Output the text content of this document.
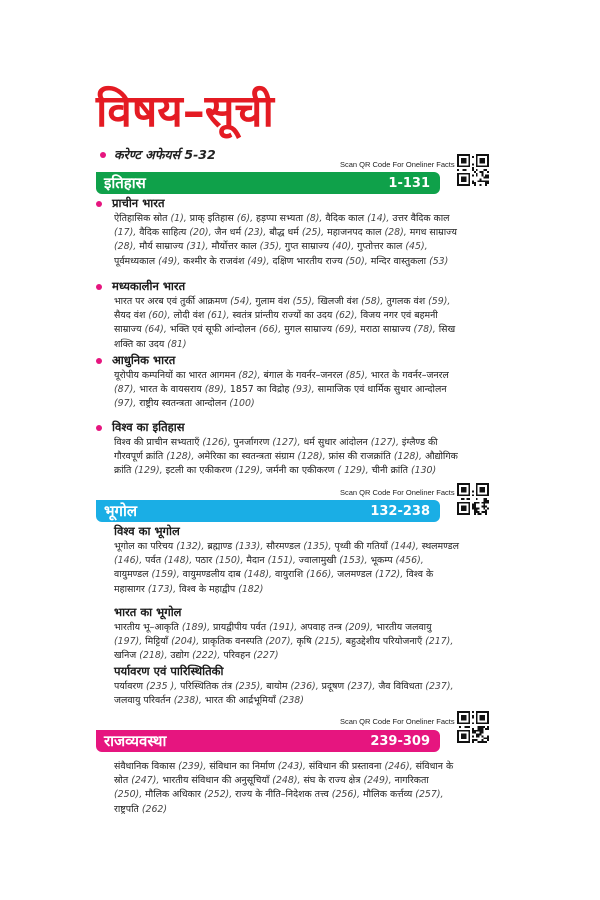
विषय–सूची
करेण्ट अफेयर्स 5-32
Scan QR Code For Oneliner Facts
इतिहास	1-131
प्राचीन भारत
ऐतिहासिक स्रोत (1), प्राक् इतिहास (6), हड़प्पा सभ्यता (8), वैदिक काल (14), उत्तर वैदिक काल (17), वैदिक साहित्य (20), जैन धर्म (23), बौद्ध धर्म (25), महाजनपद काल (28), मगध साम्राज्य (28), मौर्य साम्राज्य (31), मौर्योत्तर काल (35), गुप्त साम्राज्य (40), गुप्तोत्तर काल (45), पूर्वमध्यकाल (49), कश्मीर के राजवंश (49), दक्षिण भारतीय राज्य (50), मन्दिर वास्तुकला (53)
मध्यकालीन भारत
भारत पर अरब एवं तुर्की आक्रमण (54), गुलाम वंश (55), खिलजी वंश (58), तुगलक वंश (59), सैयद वंश (60), लोदी वंश (61), स्वतंत्र प्रांन्तीय राज्यों का उदय (62), विजय नगर एवं बहमनी साम्राज्य (64), भक्ति एवं सूफी आंन्दोलन (66), मुगल साम्राज्य (69), मराठा साम्राज्य (78), सिख शक्ति का उदय (81)
आधुनिक भारत
यूरोपीय कम्पनियों का भारत आगमन (82), बंगाल के गवर्नर–जनरल (85), भारत के गवर्नर–जनरल (87), भारत के वायसराय (89), 1857 का विद्रोह (93), सामाजिक एवं धार्मिक सुधार आन्दोलन (97), राष्ट्रीय स्वतन्त्रता आन्दोलन (100)
विश्व का इतिहास
विश्व की प्राचीन सभ्यताएँ (126), पुनर्जागरण (127), धर्म सुधार आंदोलन (127), इंग्लैण्ड की गौरवपूर्ण क्रांति (128), अमेरिका का स्वतन्त्रता संग्राम (128), फ्रांस की राजक्रांति (128), औद्योगिक क्रांति (129), इटली का एकीकरण (129), जर्मनी का एकीकरण ( 129), चीनी क्रांति (130)
Scan QR Code For Oneliner Facts
भूगोल	132-238
विश्व का भूगोल
भूगोल का परिचय (132), ब्रह्माण्ड (133), सौरमण्डल (135), पृथ्वी की गतियाँ (144), स्थलमण्डल (146), पर्वत (148), पठार (150), मैदान (151), ज्वालामुखी (153), भूकम्प (456), वायुमण्डल (159), वायुमण्डलीय दाब (148), वायुराशि (166), जलमण्डल (172), विश्व के महासागर (173), विश्व के महाद्वीप (182)
भारत का भूगोल
भारतीय भू–आकृति (189), प्रायद्वीपीय पर्वत (191), अपवाह तन्त्र (209), भारतीय जलवायु (197), मिट्टियाँ (204), प्राकृतिक वनस्पति (207), कृषि (215), बहुउद्देशीय परियोजनाएँ (217), खनिज (218), उद्योग (222), परिवहन (227)
पर्यावरण एवं पारिस्थितिकी
पर्यावरण (235 ), परिस्थितिक तंत्र (235), बायोम (236), प्रदूषण (237), जैव विविधता (237), जलवायु परिवर्तन (238), भारत की आर्द्रभूमियाँ (238)
Scan QR Code For Oneliner Facts
राजव्यवस्था	239-309
संवैधानिक विकास (239), संविधान का निर्माण (243), संविधान की प्रस्तावना (246), संविधान के स्रोत (247), भारतीय संविधान की अनुसूचियाँ (248), संघ के राज्य क्षेत्र (249), नागरिकता (250), मौलिक अधिकार (252), राज्य के नीति–निदेशक तत्त्व (256), मौलिक कर्त्तव्य (257), राष्ट्रपति (262)
